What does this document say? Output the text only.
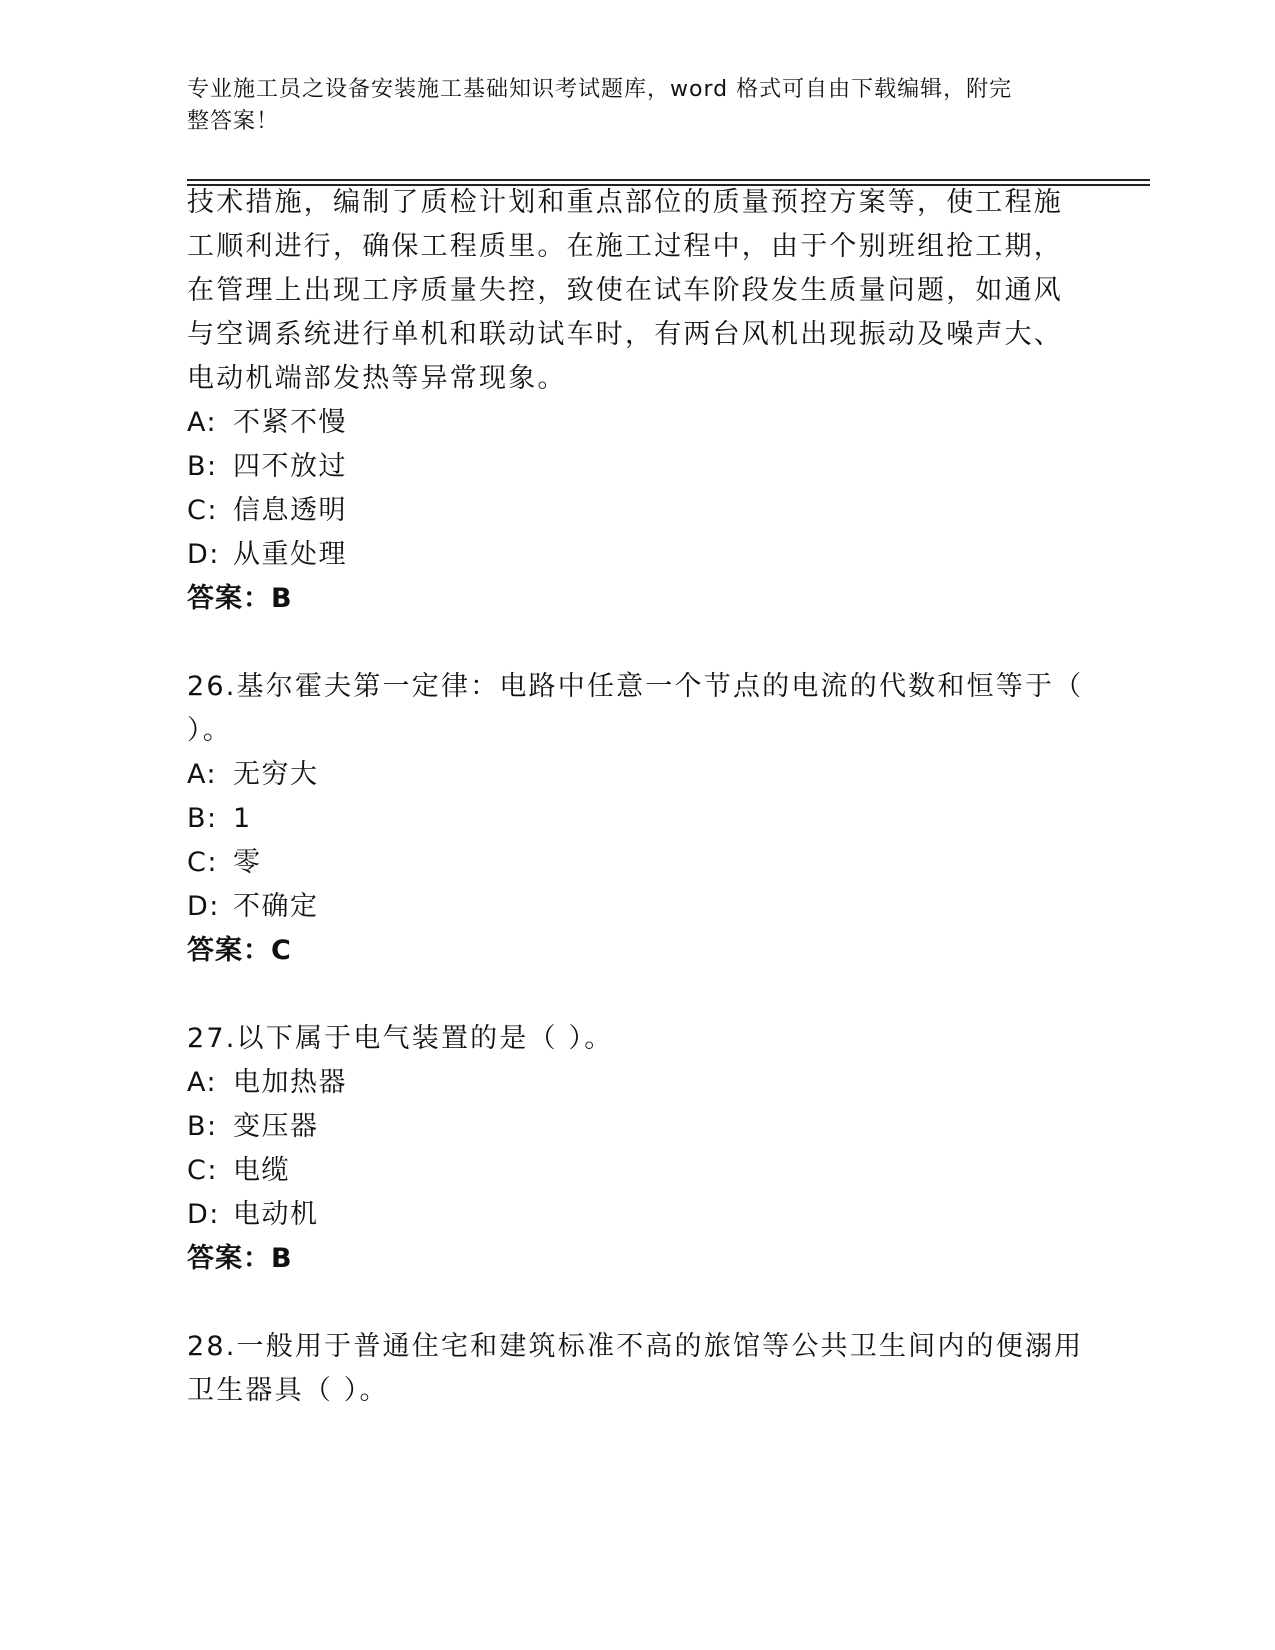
专业施工员之设备安装施工基础知识考试题库，word 格式可自由下载编辑，附完
整答案！
技术措施，编制了质检计划和重点部位的质量预控方案等，使工程施
工顺利进行，确保工程质里。在施工过程中，由于个别班组抢工期，
在管理上出现工序质量失控，致使在试车阶段发生质量问题，如通风
与空调系统进行单机和联动试车时，有两台风机出现振动及噪声大、
电动机端部发热等异常现象。
A: 不紧不慢
B: 四不放过
C: 信息透明
D: 从重处理
答案：B
26.基尔霍夫第一定律：电路中任意一个节点的电流的代数和恒等于（
）。
A: 无穷大
B: 1
C: 零
D: 不确定
答案：C
27.以下属于电气装置的是（ ）。
A: 电加热器
B: 变压器
C: 电缆
D: 电动机
答案：B
28.一般用于普通住宅和建筑标准不高的旅馆等公共卫生间内的便溺用
卫生器具（ ）。
